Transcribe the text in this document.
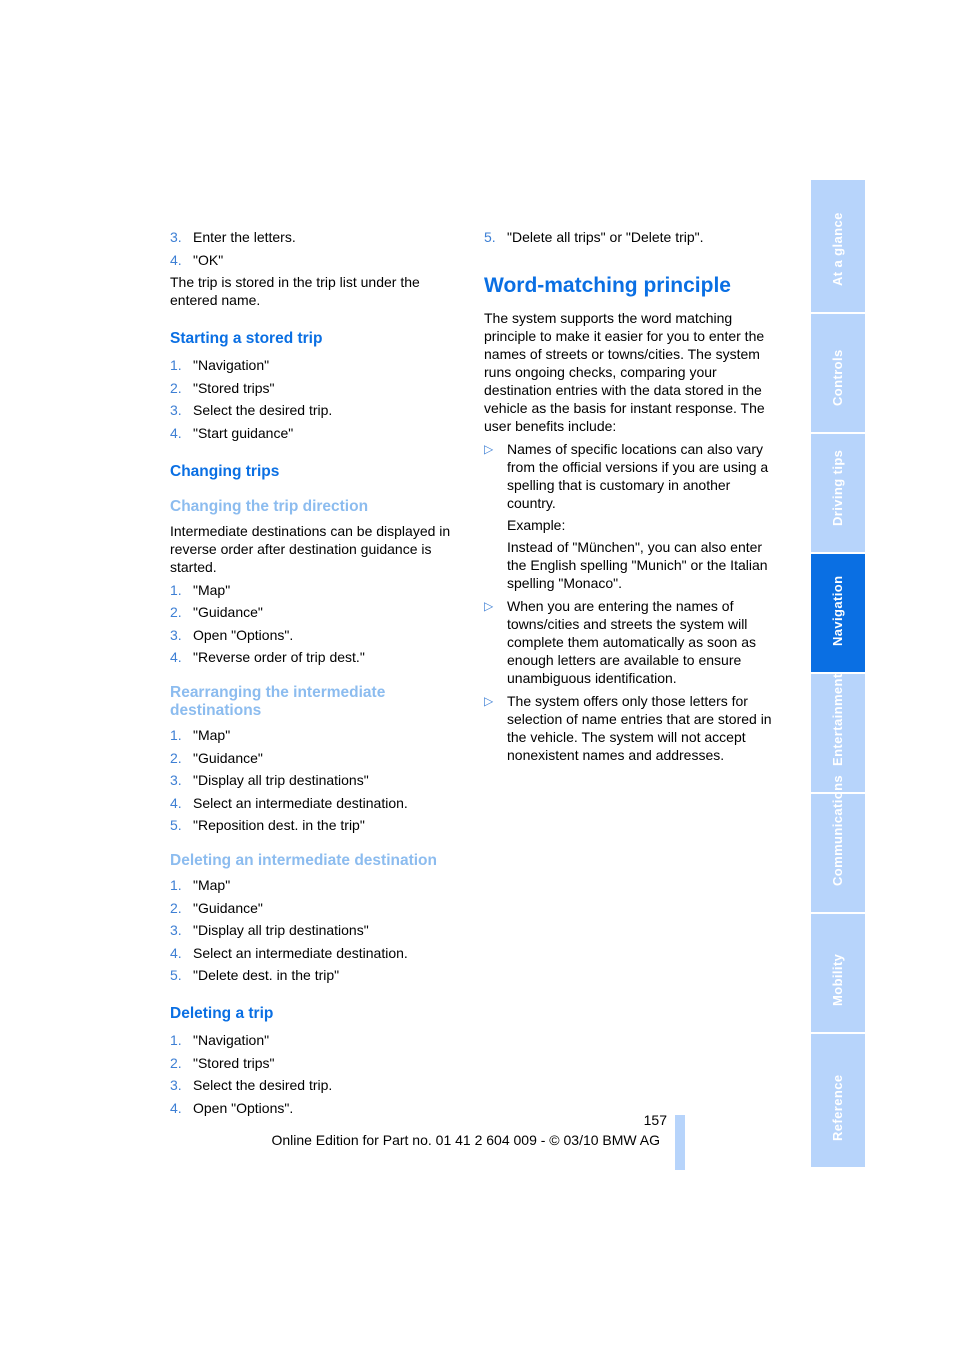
3. Enter the letters.
4. "OK"

The trip is stored in the trip list under the entered name.

Starting a stored trip
1. "Navigation"
2. "Stored trips"
3. Select the desired trip.
4. "Start guidance"
Changing trips
Changing the trip direction

Intermediate destinations can be displayed in reverse order after destination guidance is started.

1. "Map"
2. "Guidance"
3. Open "Options".
4. "Reverse order of trip dest."
Rearranging the intermediate destinations
1. "Map"
2. "Guidance"
3. "Display all trip destinations"
4. Select an intermediate destination.
5. "Reposition dest. in the trip"
Deleting an intermediate destination
1. "Map"
2. "Guidance"
3. "Display all trip destinations"
4. Select an intermediate destination.
5. "Delete dest. in the trip"
Deleting a trip
1. "Navigation"
2. "Stored trips"
3. Select the desired trip.
4. Open "Options".
5. "Delete all trips" or "Delete trip".
Word-matching principle

The system supports the word matching principle to make it easier for you to enter the names of streets or towns/cities. The system runs ongoing checks, comparing your destination entries with the data stored in the vehicle as the basis for instant response. The user benefits include:

▷ Names of specific locations can also vary from the official versions if you are using a spelling that is customary in another country.

Example:

Instead of "München", you can also enter the English spelling "Munich" or the Italian spelling "Monaco".

▷ When you are entering the names of towns/cities and streets the system will complete them automatically as soon as enough letters are available to ensure unambiguous identification.

▷ The system offers only those letters for selection of name entries that are stored in the vehicle. The system will not accept nonexistent names and addresses.

At a glance
Controls
Driving tips
Navigation
Entertainment
Communications
Mobility
Reference
157
Online Edition for Part no. 01 41 2 604 009 - © 03/10 BMW AG
